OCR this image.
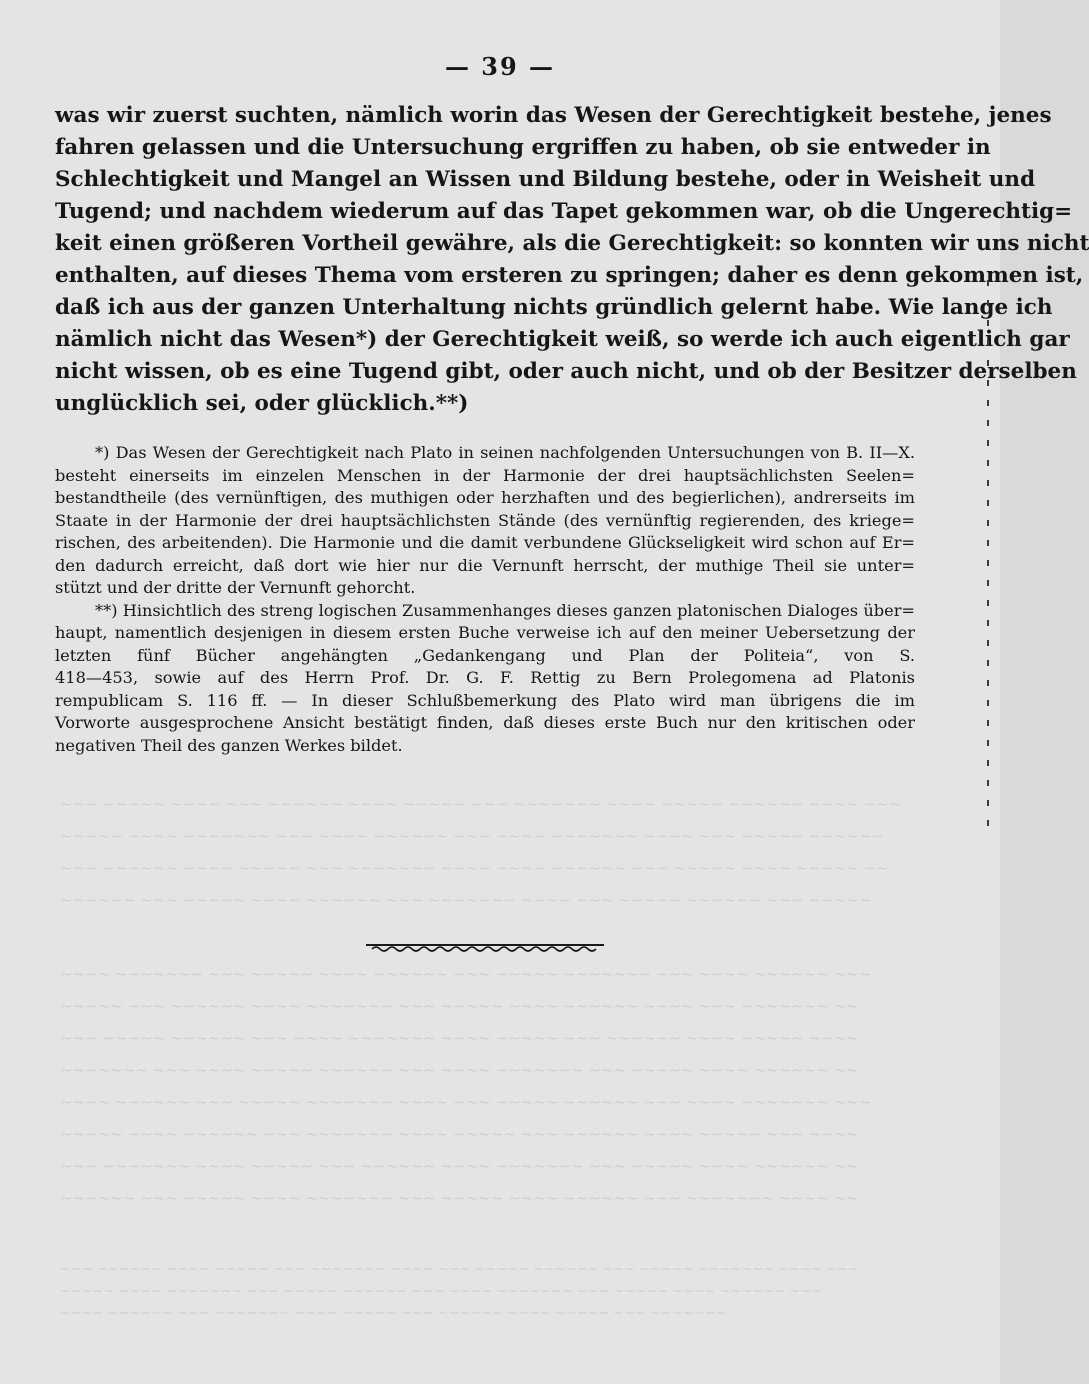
~~~ ~~~~~ ~~~~ ~~~ ~~~~~~ ~~~~ ~~~~~ ~~~ ~~~~~~~ ~~~~ ~~~~~ ~~~~~~ ~~~~ ~~~
~~~~~ ~~~~ ~~~~~~~ ~~~ ~~~~ ~~~~~~ ~~~ ~~~~ ~~~~~~~ ~~~~ ~~~ ~~~~~ ~~~~~~
~~~ ~~~~~~ ~~~~ ~~~~~ ~~~ ~~~~~~~ ~~~~ ~~~~ ~~~~~~ ~~~ ~~~~~ ~~~~ ~~~~~ ~~
~~~~~~ ~~~ ~~~~~ ~~~~ ~~~~~~ ~~~ ~~~~~~~ ~~~~ ~~~ ~~~~~ ~~~~~~ ~~~ ~~~~~
~~~~ ~~~~~~~ ~~~ ~~~~~ ~~~~ ~~~~~~ ~~~ ~~~~~ ~~~~~~~ ~~~ ~~~~ ~~~~~~ ~~~
~~~~~ ~~~ ~~~~~~ ~~~~ ~~~~~~~ ~~~ ~~~~~ ~~~~ ~~~~~~ ~~~~ ~~~ ~~~~~~~ ~~
~~~ ~~~~~ ~~~~~~ ~~~ ~~~~ ~~~~~~~ ~~~~ ~~~~~ ~~~ ~~~~~~ ~~~~ ~~~~~ ~~~~
~~~~~~~ ~~~ ~~~~ ~~~~~ ~~~~~~ ~~~ ~~~~ ~~~~~~~ ~~~ ~~~~~ ~~~~ ~~~~~~ ~~
~~~~ ~~~~~~ ~~~ ~~~~~ ~~~~~~~ ~~~~ ~~~ ~~~~~ ~~~~~~ ~~~ ~~~~ ~~~~~~~ ~~~
~~~~~ ~~~~ ~~~~~~ ~~~ ~~~~~~~ ~~~~ ~~~~~ ~~~ ~~~~~~ ~~~~ ~~~~~ ~~~ ~~~~
~~~ ~~~~~~~ ~~~~ ~~~~~ ~~~ ~~~~~~ ~~~~ ~~~~~~~ ~~~ ~~~~~ ~~~~ ~~~~~~ ~~
~~~~~~ ~~~ ~~~~~ ~~~~ ~~~~~~~ ~~~ ~~~~~ ~~~~ ~~~~~~ ~~~ ~~~~~~~ ~~~~ ~~
~~~ ~~~~~~ ~~~~ ~~~~~ ~~~ ~~~~~~~ ~~~~ ~~~ ~~~~~ ~~~~~~ ~~~ ~~~~~ ~~~~~~~ ~~~~ ~~~
~~~~~ ~~~~ ~~~~~~~ ~~~ ~~~~~ ~~~~~~ ~~~ ~~~~ ~~~~~~~ ~~~ ~~~~~ ~~~~ ~~~~~~ ~~~
~~~~ ~~~~~~ ~~~ ~~~~~~~ ~~~~ ~~~~~ ~~~ ~~~~~~ ~~~~ ~~~~~ ~~~ ~~~~~~~
— 39 —
was wir zuerst suchten, nämlich worin das Wesen der Gerechtigkeit bestehe, jenes
fahren gelassen und die Untersuchung ergriffen zu haben, ob sie entweder in
Schlechtigkeit und Mangel an Wissen und Bildung bestehe, oder in Weisheit und
Tugend; und nachdem wiederum auf das Tapet gekommen war, ob die Ungerechtig=
keit einen größeren Vortheil gewähre, als die Gerechtigkeit: so konnten wir uns nicht
enthalten, auf dieses Thema vom ersteren zu springen; daher es denn gekommen ist,
daß ich aus der ganzen Unterhaltung nichts gründlich gelernt habe. Wie lange ich
nämlich nicht das Wesen*) der Gerechtigkeit weiß, so werde ich auch eigentlich gar
nicht wissen, ob es eine Tugend gibt, oder auch nicht, und ob der Besitzer derselben
unglücklich sei, oder glücklich.**)
*) Das Wesen der Gerechtigkeit nach Plato in seinen nachfolgenden Untersuchungen von B. II—X.
besteht einerseits im einzelen Menschen in der Harmonie der drei hauptsächlichsten Seelen=
bestandtheile (des vernünftigen, des muthigen oder herzhaften und des begierlichen), andrerseits im
Staate in der Harmonie der drei hauptsächlichsten Stände (des vernünftig regierenden, des kriege=
rischen, des arbeitenden). Die Harmonie und die damit verbundene Glückseligkeit wird schon auf Er=
den dadurch erreicht, daß dort wie hier nur die Vernunft herrscht, der muthige Theil sie unter=
stützt und der dritte der Vernunft gehorcht.
**) Hinsichtlich des streng logischen Zusammenhanges dieses ganzen platonischen Dialoges über=
haupt, namentlich desjenigen in diesem ersten Buche verweise ich auf den meiner Uebersetzung der
letzten fünf Bücher angehängten „Gedankengang und Plan der Politeia“, von S.
418—453, sowie auf des Herrn Prof. Dr. G. F. Rettig zu Bern Prolegomena ad Platonis
rempublicam S. 116 ff. — In dieser Schlußbemerkung des Plato wird man übrigens die im
Vorworte ausgesprochene Ansicht bestätigt finden, daß dieses erste Buch nur den kritischen oder
negativen Theil des ganzen Werkes bildet.
